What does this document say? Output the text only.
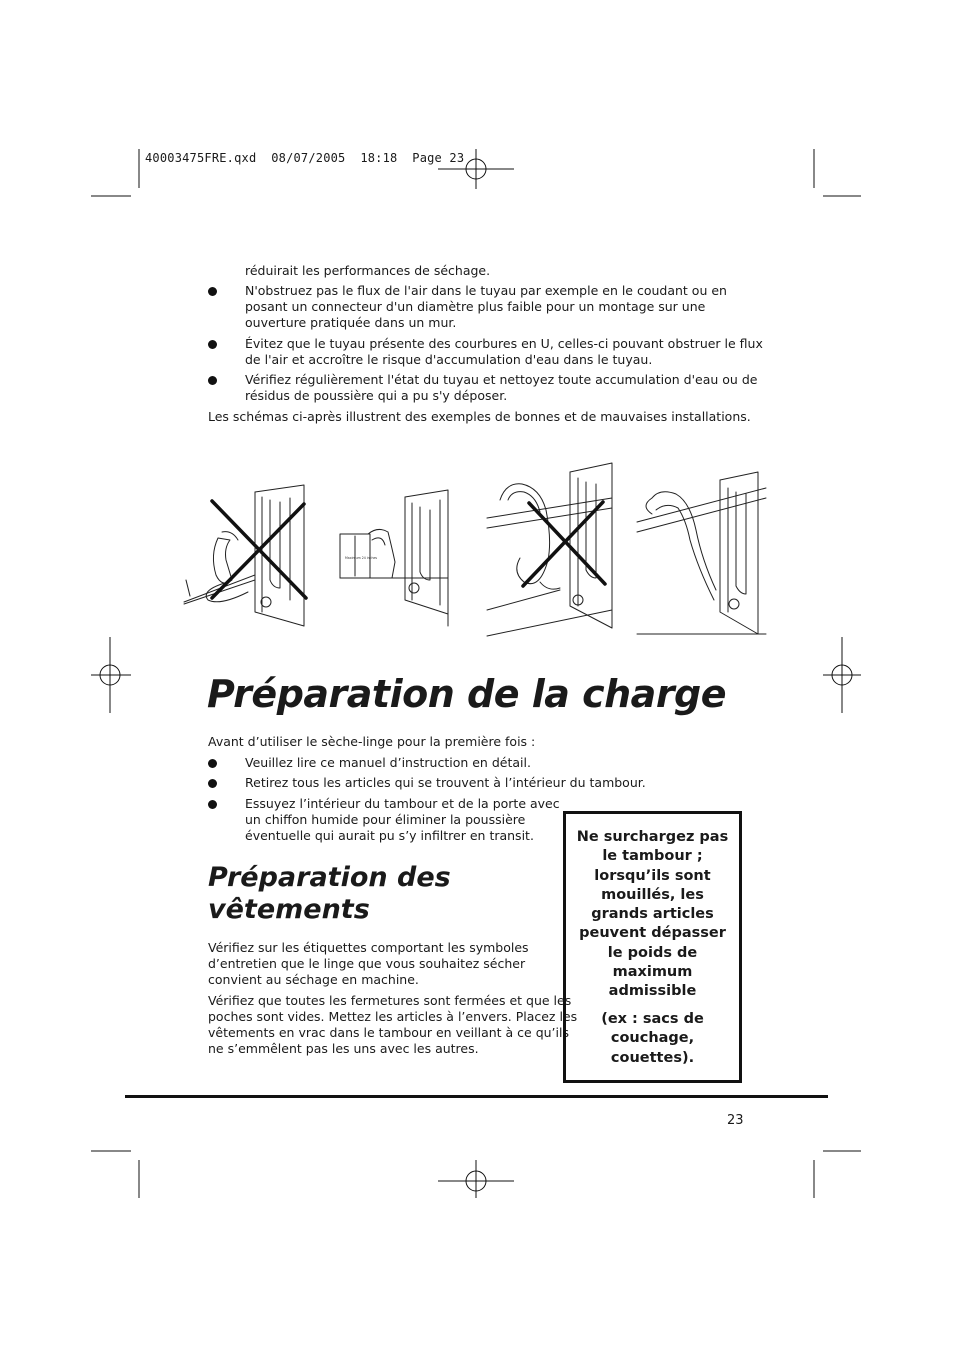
40003475FRE.qxd  08/07/2005  18:18  Page 23
réduirait les performances de séchage.
N'obstruez pas le flux de l'air dans le tuyau par exemple en le coudant ou en
posant un connecteur d'un diamètre plus faible pour un montage sur une
ouverture pratiquée dans un mur.
Évitez que le tuyau présente des courbures en U, celles-ci pouvant obstruer le flux
de l'air et accroître le risque d'accumulation d'eau dans le tuyau.
Vérifiez régulièrement l'état du tuyau et nettoyez toute accumulation d'eau ou de
résidus de poussière qui a pu s'y déposer.
Les schémas ci-après illustrent des exemples de bonnes et de mauvaises installations.
Maximum 24 inches
Préparation de la charge
Avant d’utiliser le sèche-linge pour la première fois :
Veuillez lire ce manuel d’instruction en détail.
Retirez tous les articles qui se trouvent à l’intérieur du tambour.
Essuyez l’intérieur du tambour et de la porte avec
un chiffon humide pour éliminer la poussière
éventuelle qui aurait pu s’y infiltrer en transit.
Préparation des
vêtements
Vérifiez sur les étiquettes comportant les symboles
d’entretien que le linge que vous souhaitez sécher
convient au séchage en machine.
Vérifiez que toutes les fermetures sont fermées et que les
poches sont vides. Mettez les articles à l’envers. Placez les
vêtements en vrac dans le tambour en veillant à ce qu’ils
ne s’emmêlent pas les uns avec les autres.
Ne surchargez pas
le tambour ;
lorsqu’ils sont
mouillés, les
grands articles
peuvent dépasser
le poids de
maximum
admissible
(ex : sacs de
couchage,
couettes).
23
